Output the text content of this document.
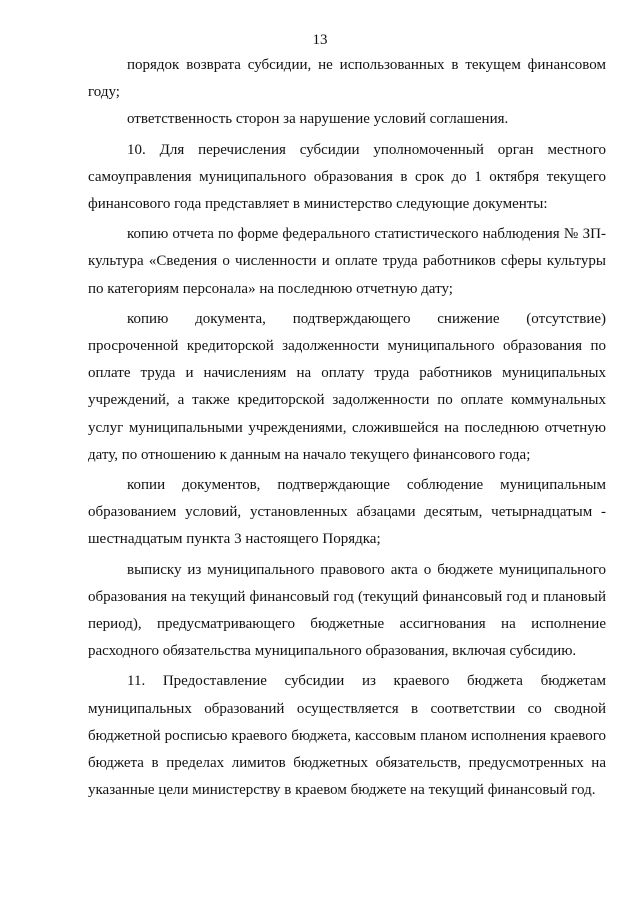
13

порядок возврата субсидии, не использованных в текущем финансовом году;

ответственность сторон за нарушение условий соглашения.

10. Для перечисления субсидии уполномоченный орган местного самоуправления муниципального образования в срок до 1 октября текущего финансового года представляет в министерство следующие документы:

копию отчета по форме федерального статистического наблюдения № ЗП-культура «Сведения о численности и оплате труда работников сферы культуры по категориям персонала» на последнюю отчетную дату;

копию документа, подтверждающего снижение (отсутствие) просроченной кредиторской задолженности муниципального образования по оплате труда и начислениям на оплату труда работников муниципальных учреждений, а также кредиторской задолженности по оплате коммунальных услуг муниципальными учреждениями, сложившейся на последнюю отчетную дату, по отношению к данным на начало текущего финансового года;

копии документов, подтверждающие соблюдение муниципальным образованием условий, установленных абзацами десятым, четырнадцатым - шестнадцатым пункта 3 настоящего Порядка;

выписку из муниципального правового акта о бюджете муниципального образования на текущий финансовый год (текущий финансовый год и плановый период), предусматривающего бюджетные ассигнования на исполнение расходного обязательства муниципального образования, включая субсидию.

11. Предоставление субсидии из краевого бюджета бюджетам муниципальных образований осуществляется в соответствии со сводной бюджетной росписью краевого бюджета, кассовым планом исполнения краевого бюджета в пределах лимитов бюджетных обязательств, предусмотренных на указанные цели министерству в краевом бюджете на текущий финансовый год.
